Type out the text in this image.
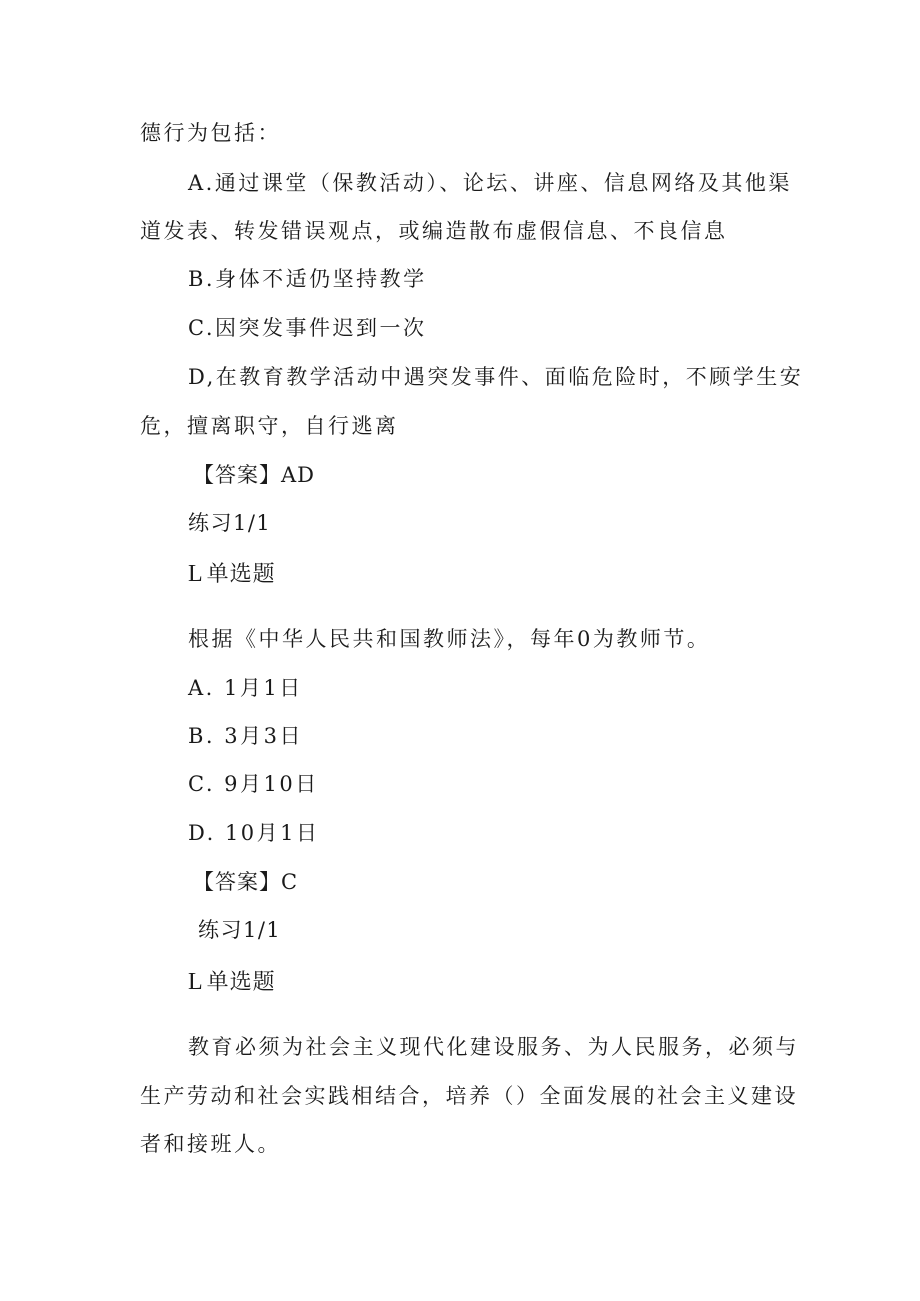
德行为包括：
A.通过课堂（保教活动）、论坛、讲座、信息网络及其他渠
道发表、转发错误观点，或编造散布虚假信息、不良信息
B.身体不适仍坚持教学
C.因突发事件迟到一次
D,在教育教学活动中遇突发事件、面临危险时，不顾学生安
危，擅离职守，自行逃离
【答案】AD
练习1/1
L单选题
根据《中华人民共和国教师法》，每年0为教师节。
A. 1月1日
B. 3月3日
C. 9月10日
D. 10月1日
【答案】C
练习1/1
L单选题
教育必须为社会主义现代化建设服务、为人民服务，必须与
生产劳动和社会实践相结合，培养（）全面发展的社会主义建设
者和接班人。
